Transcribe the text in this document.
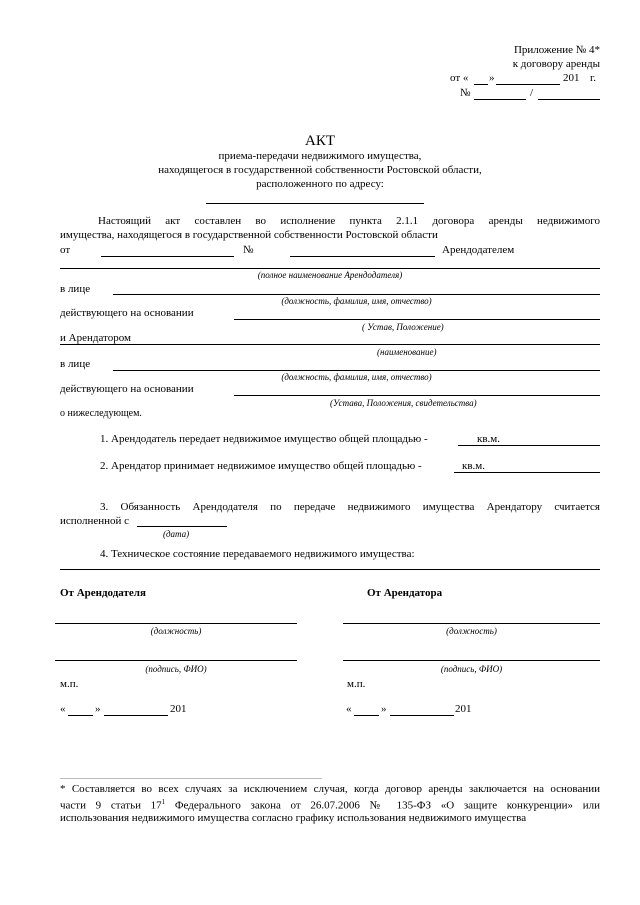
Приложение № 4*
к договору аренды
от « »	201 г.
№	/
АКТ
приема-передачи недвижимого имущества,
находящегося в государственной собственности Ростовской области,
расположенного по адресу:
Настоящий акт составлен во исполнение пункта 2.1.1 договора аренды недвижимого
имущества, находящегося в государственной собственности Ростовской области
от	№	Арендодателем
(полное наименование Арендодателя)
в лице
(должность, фамилия, имя, отчество)
действующего на основании
( Устав, Положение)
и Арендатором
(наименование)
в лице
(должность, фамилия, имя, отчество)
действующего на основании
(Устава, Положения, свидетельства)
о нижеследующем.
1. Арендодатель передает недвижимое имущество общей площадью -	кв.м.
2. Арендатор принимает недвижимое имущество общей площадью -	кв.м.
3. Обязанность Арендодателя по передаче недвижимого имущества Арендатору считается
исполненной с
(дата)
4. Техническое состояние передаваемого недвижимого имущества:
От Арендодателя
(должность)
(подпись, ФИО)
м.п.
«	»	201
От Арендатора
(должность)
(подпись, ФИО)
м.п.
«	»	201
* Составляется во всех случаях за исключением случая, когда договор аренды заключается на основании
части 9 статьи $17^1$ Федерального закона от 26.07.2006 № 135-ФЗ «О защите конкуренции» или
использования недвижимого имущества согласно графику использования недвижимого имущества
